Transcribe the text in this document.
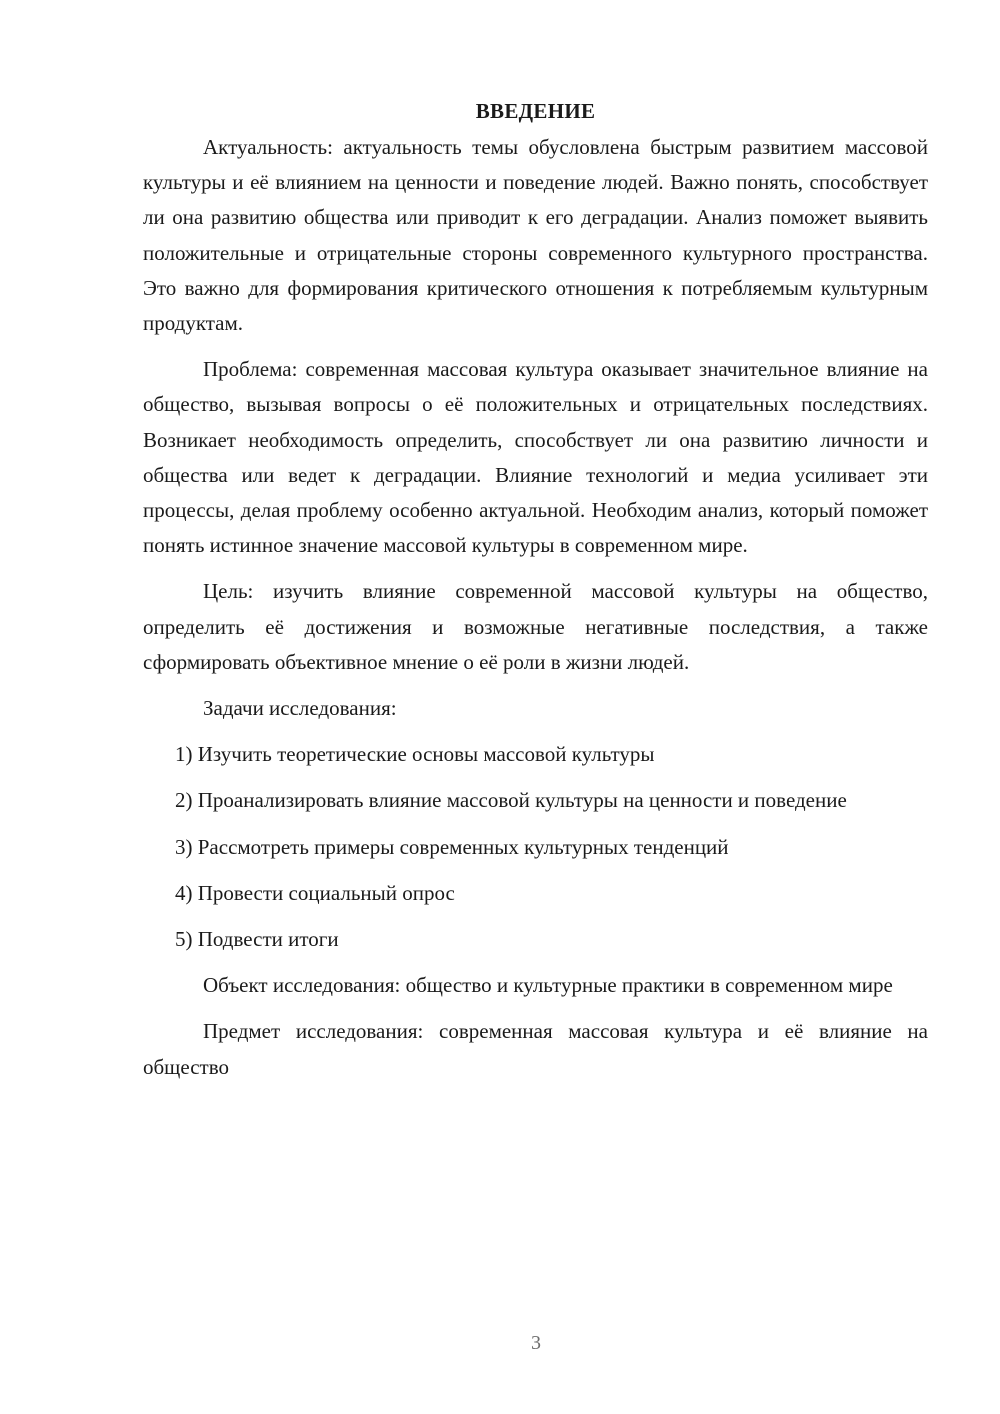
ВВЕДЕНИЕ

Актуальность: актуальность темы обусловлена быстрым развитием массовой культуры и её влиянием на ценности и поведение людей. Важно понять, способствует ли она развитию общества или приводит к его деградации. Анализ поможет выявить положительные и отрицательные стороны современного культурного пространства. Это важно для формирования критического отношения к потребляемым культурным продуктам.

Проблема: современная массовая культура оказывает значительное влияние на общество, вызывая вопросы о её положительных и отрицательных последствиях. Возникает необходимость определить, способствует ли она развитию личности и общества или ведет к деградации. Влияние технологий и медиа усиливает эти процессы, делая проблему особенно актуальной. Необходим анализ, который поможет понять истинное значение массовой культуры в современном мире.

Цель: изучить влияние современной массовой культуры на общество, определить её достижения и возможные негативные последствия, а также сформировать объективное мнение о её роли в жизни людей.

Задачи исследования:

1) Изучить теоретические основы массовой культуры

2) Проанализировать влияние массовой культуры на ценности и поведение

3) Рассмотреть примеры современных культурных тенденций

4) Провести социальный опрос

5) Подвести итоги

Объект исследования: общество и культурные практики в современном мире

Предмет исследования: современная массовая культура и её влияние на общество

3
